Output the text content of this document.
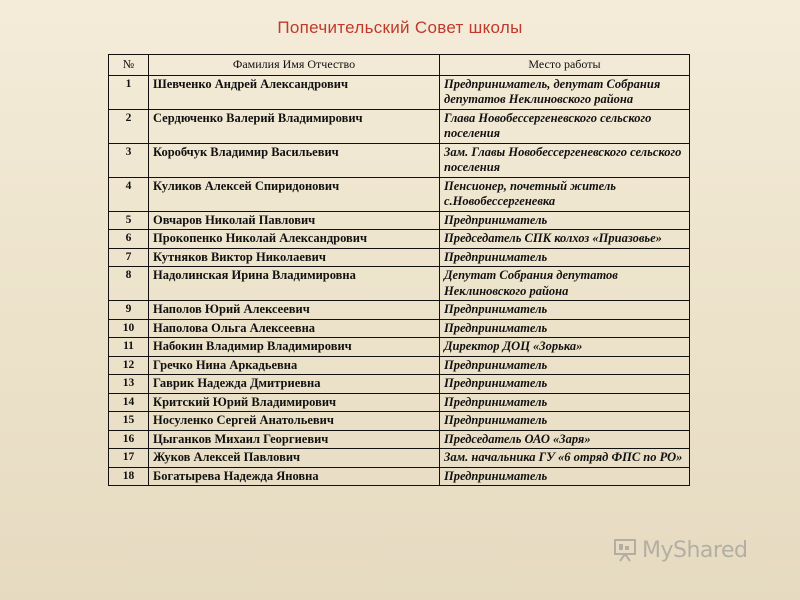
Попечительский Совет школы
№	Фамилия Имя Отчество	Место работы
1	Шевченко Андрей Александрович	Предприниматель, депутат Собрания депутатов Неклиновского района
2	Сердюченко Валерий Владимирович	Глава Новобессергеневского сельского поселения
3	Коробчук Владимир Васильевич	Зам. Главы Новобессергеневского сельского поселения
4	Куликов Алексей Спиридонович	Пенсионер, почетный житель с.Новобессергеневка
5	Овчаров Николай Павлович	Предприниматель
6	Прокопенко Николай Александрович	Председатель СПК колхоз «Приазовье»
7	Кутняков Виктор Николаевич	Предприниматель
8	Надолинская Ирина Владимировна	Депутат Собрания депутатов Неклиновского района
9	Наполов Юрий Алексеевич	Предприниматель
10	Наполова Ольга Алексеевна	Предприниматель
11	Набокин Владимир Владимирович	Директор ДОЦ «Зорька»
12	Гречко Нина Аркадьевна	Предприниматель
13	Гаврик Надежда Дмитриевна	Предприниматель
14	Критский Юрий Владимирович	Предприниматель
15	Носуленко Сергей Анатольевич	Предприниматель
16	Цыганков Михаил Георгиевич	Председатель ОАО «Заря»
17	Жуков Алексей Павлович	Зам. начальника ГУ «6 отряд ФПС по РО»
18	Богатырева Надежда Яновна	Предприниматель
MyShared
